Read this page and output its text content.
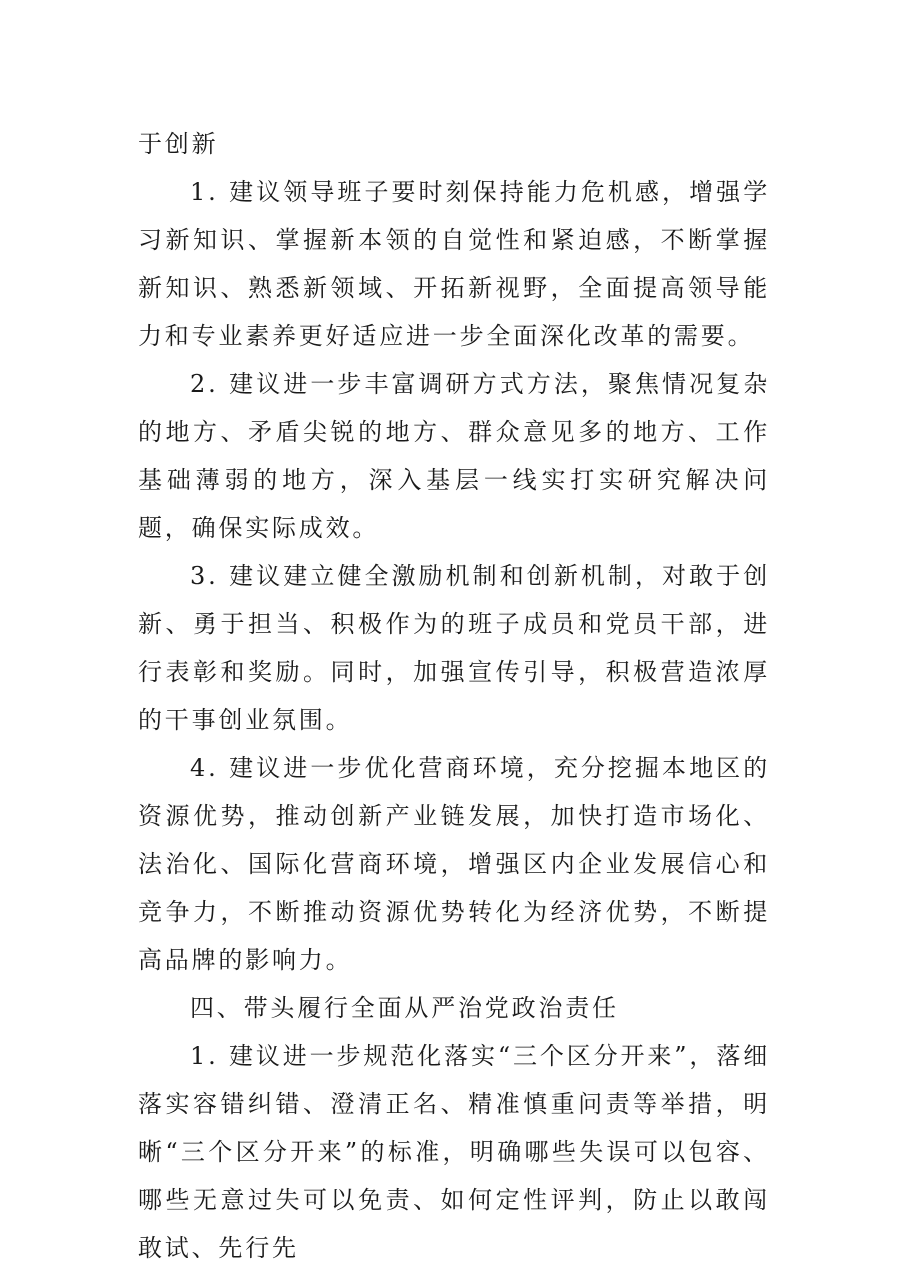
于创新

1. 建议领导班子要时刻保持能力危机感，增强学习新知识、掌握新本领的自觉性和紧迫感，不断掌握新知识、熟悉新领域、开拓新视野，全面提高领导能力和专业素养更好适应进一步全面深化改革的需要。

2. 建议进一步丰富调研方式方法，聚焦情况复杂的地方、矛盾尖锐的地方、群众意见多的地方、工作基础薄弱的地方，深入基层一线实打实研究解决问题，确保实际成效。

3. 建议建立健全激励机制和创新机制，对敢于创新、勇于担当、积极作为的班子成员和党员干部，进行表彰和奖励。同时，加强宣传引导，积极营造浓厚的干事创业氛围。

4. 建议进一步优化营商环境，充分挖掘本地区的资源优势，推动创新产业链发展，加快打造市场化、法治化、国际化营商环境，增强区内企业发展信心和竞争力，不断推动资源优势转化为经济优势，不断提高品牌的影响力。

四、带头履行全面从严治党政治责任

1. 建议进一步规范化落实“三个区分开来”，落细落实容错纠错、澄清正名、精准慎重问责等举措，明晰“三个区分开来”的标准，明确哪些失误可以包容、哪些无意过失可以免责、如何定性评判，防止以敢闯敢试、先行先
